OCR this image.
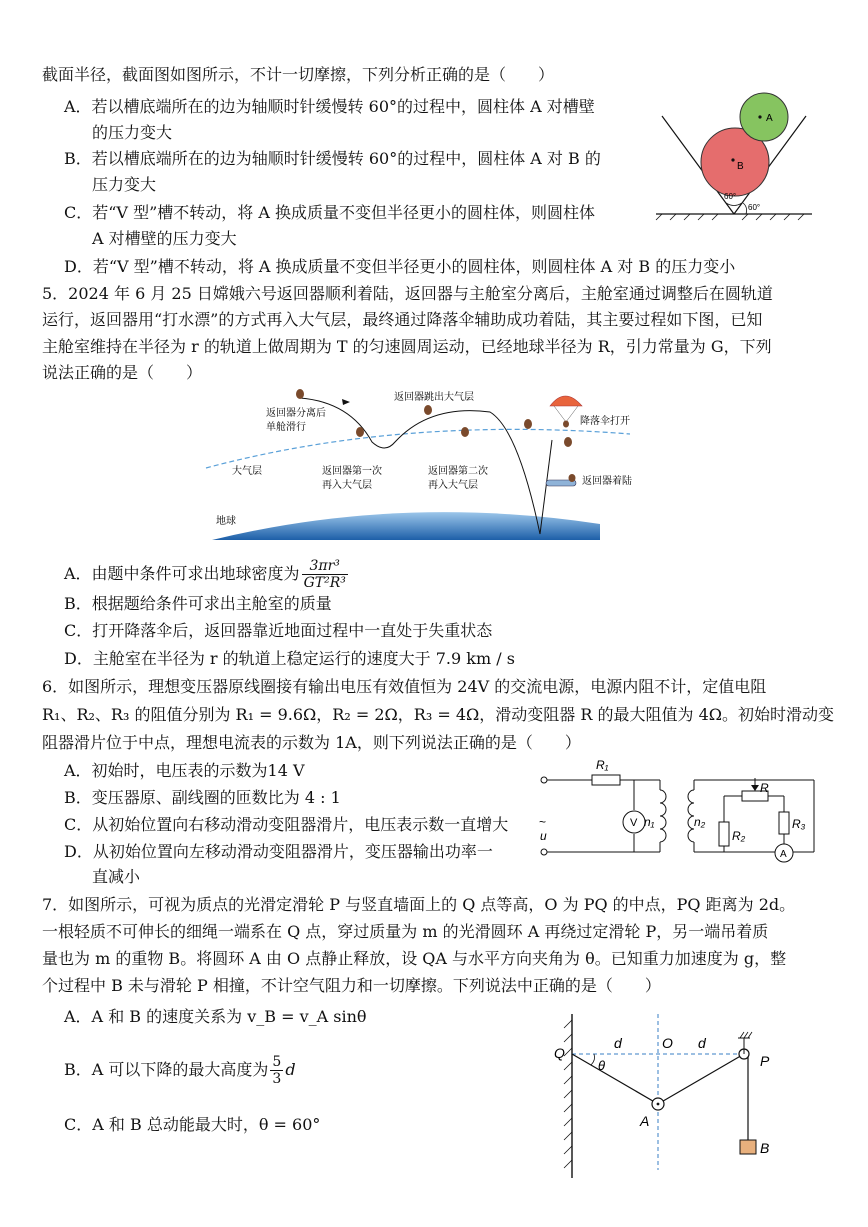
截面半径，截面图如图所示，不计一切摩擦，下列分析正确的是（　　）
A．若以槽底端所在的边为轴顺时针缓慢转 60°的过程中，圆柱体 A 对槽壁
的压力变大
B．若以槽底端所在的边为轴顺时针缓慢转 60°的过程中，圆柱体 A 对 B 的
压力变大
C．若“V 型”槽不转动，将 A 换成质量不变但半径更小的圆柱体，则圆柱体
A 对槽壁的压力变大
D．若“V 型”槽不转动，将 A 换成质量不变但半径更小的圆柱体，则圆柱体 A 对 B 的压力变小
B
A
60°
60°
5．2024 年 6 月 25 日嫦娥六号返回器顺利着陆，返回器与主舱室分离后，主舱室通过调整后在圆轨道
运行，返回器用“打水漂”的方式再入大气层，最终通过降落伞辅助成功着陆，其主要过程如下图，已知
主舱室维持在半径为 r 的轨道上做周期为 T 的匀速圆周运动，已经地球半径为 R，引力常量为 G，下列
说法正确的是（　　）
返回器分离后
单舱滑行
返回器跳出大气层
降落伞打开
大气层	返回器第一次
再入大气层
返回器第二次
再入大气层	返回器着陆
地球
A．由题中条件可求出地球密度为 $\frac{\text{3πr³}}{\text{GT²R³}}$
B．根据题给条件可求出主舱室的质量
C．打开降落伞后，返回器靠近地面过程中一直处于失重状态
D．主舱室在半径为 r 的轨道上稳定运行的速度大于 7.9 km / s
6．如图所示，理想变压器原线圈接有输出电压有效值恒为 24V 的交流电源，电源内阻不计，定值电阻
R₁、R₂、R₃ 的阻值分别为 R₁ = 9.6Ω，R₂ = 2Ω，R₃ = 4Ω，滑动变阻器 R 的最大阻值为 4Ω。初始时滑动变
阻器滑片位于中点，理想电流表的示数为 1A，则下列说法正确的是（　　）
A．初始时，电压表的示数为14 V
B．变压器原、副线圈的匝数比为 4 : 1
C．从初始位置向右移动滑动变阻器滑片，电压表示数一直增大
D．从初始位置向左移动滑动变阻器滑片，变压器输出功率一
直减小
R₁
V n₁	n₂
R
R₂
R₃
A
~
u
7．如图所示，可视为质点的光滑定滑轮 P 与竖直墙面上的 Q 点等高，O 为 PQ 的中点，PQ 距离为 2d。
一根轻质不可伸长的细绳一端系在 Q 点，穿过质量为 m 的光滑圆环 A 再绕过定滑轮 P，另一端吊着质
量也为 m 的重物 B。将圆环 A 由 O 点静止释放，设 QA 与水平方向夹角为 θ。已知重力加速度为 g，整
个过程中 B 未与滑轮 P 相撞，不计空气阻力和一切摩擦。下列说法中正确的是（　　）
A．A 和 B 的速度关系为 v_B = v_A sinθ
B．A 可以下降的最大高度为 $\frac{5}{3}$ d
C．A 和 B 总动能最大时，θ = 60°
Q
O
d	d
P
θ
A
B
